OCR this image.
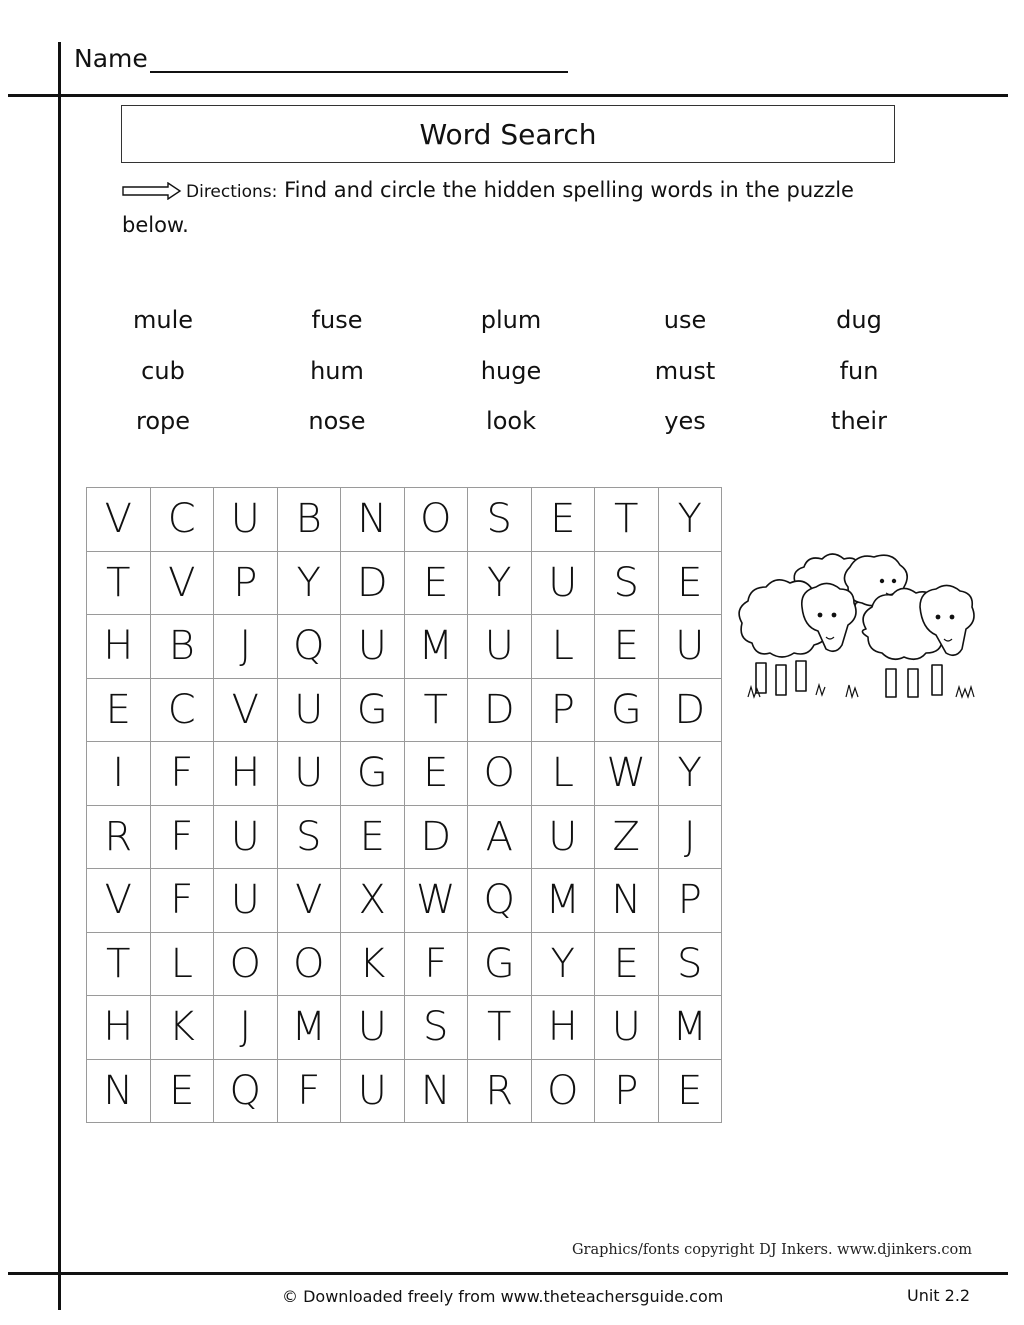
Name
Word Search
Directions: Find and circle the hidden spelling words in the puzzle below.
mule	fuse	plum	use	dug
cub	hum	huge	must	fun
rope	nose	look	yes	their
V	C	U	B	N	O	S	E	T	Y
T	V	P	Y	D	E	Y	U	S	E
H	B	J	Q	U	M	U	L	E	U
E	C	V	U	G	T	D	P	G	D
I	F	H	U	G	E	O	L	W	Y
R	F	U	S	E	D	A	U	Z	J
V	F	U	V	X	W	Q	M	N	P
T	L	O	O	K	F	G	Y	E	S
H	K	J	M	U	S	T	H	U	M
N	E	Q	F	U	N	R	O	P	E
Graphics/fonts copyright DJ Inkers. www.djinkers.com
© Downloaded freely from www.theteachersguide.com	Unit 2.2
